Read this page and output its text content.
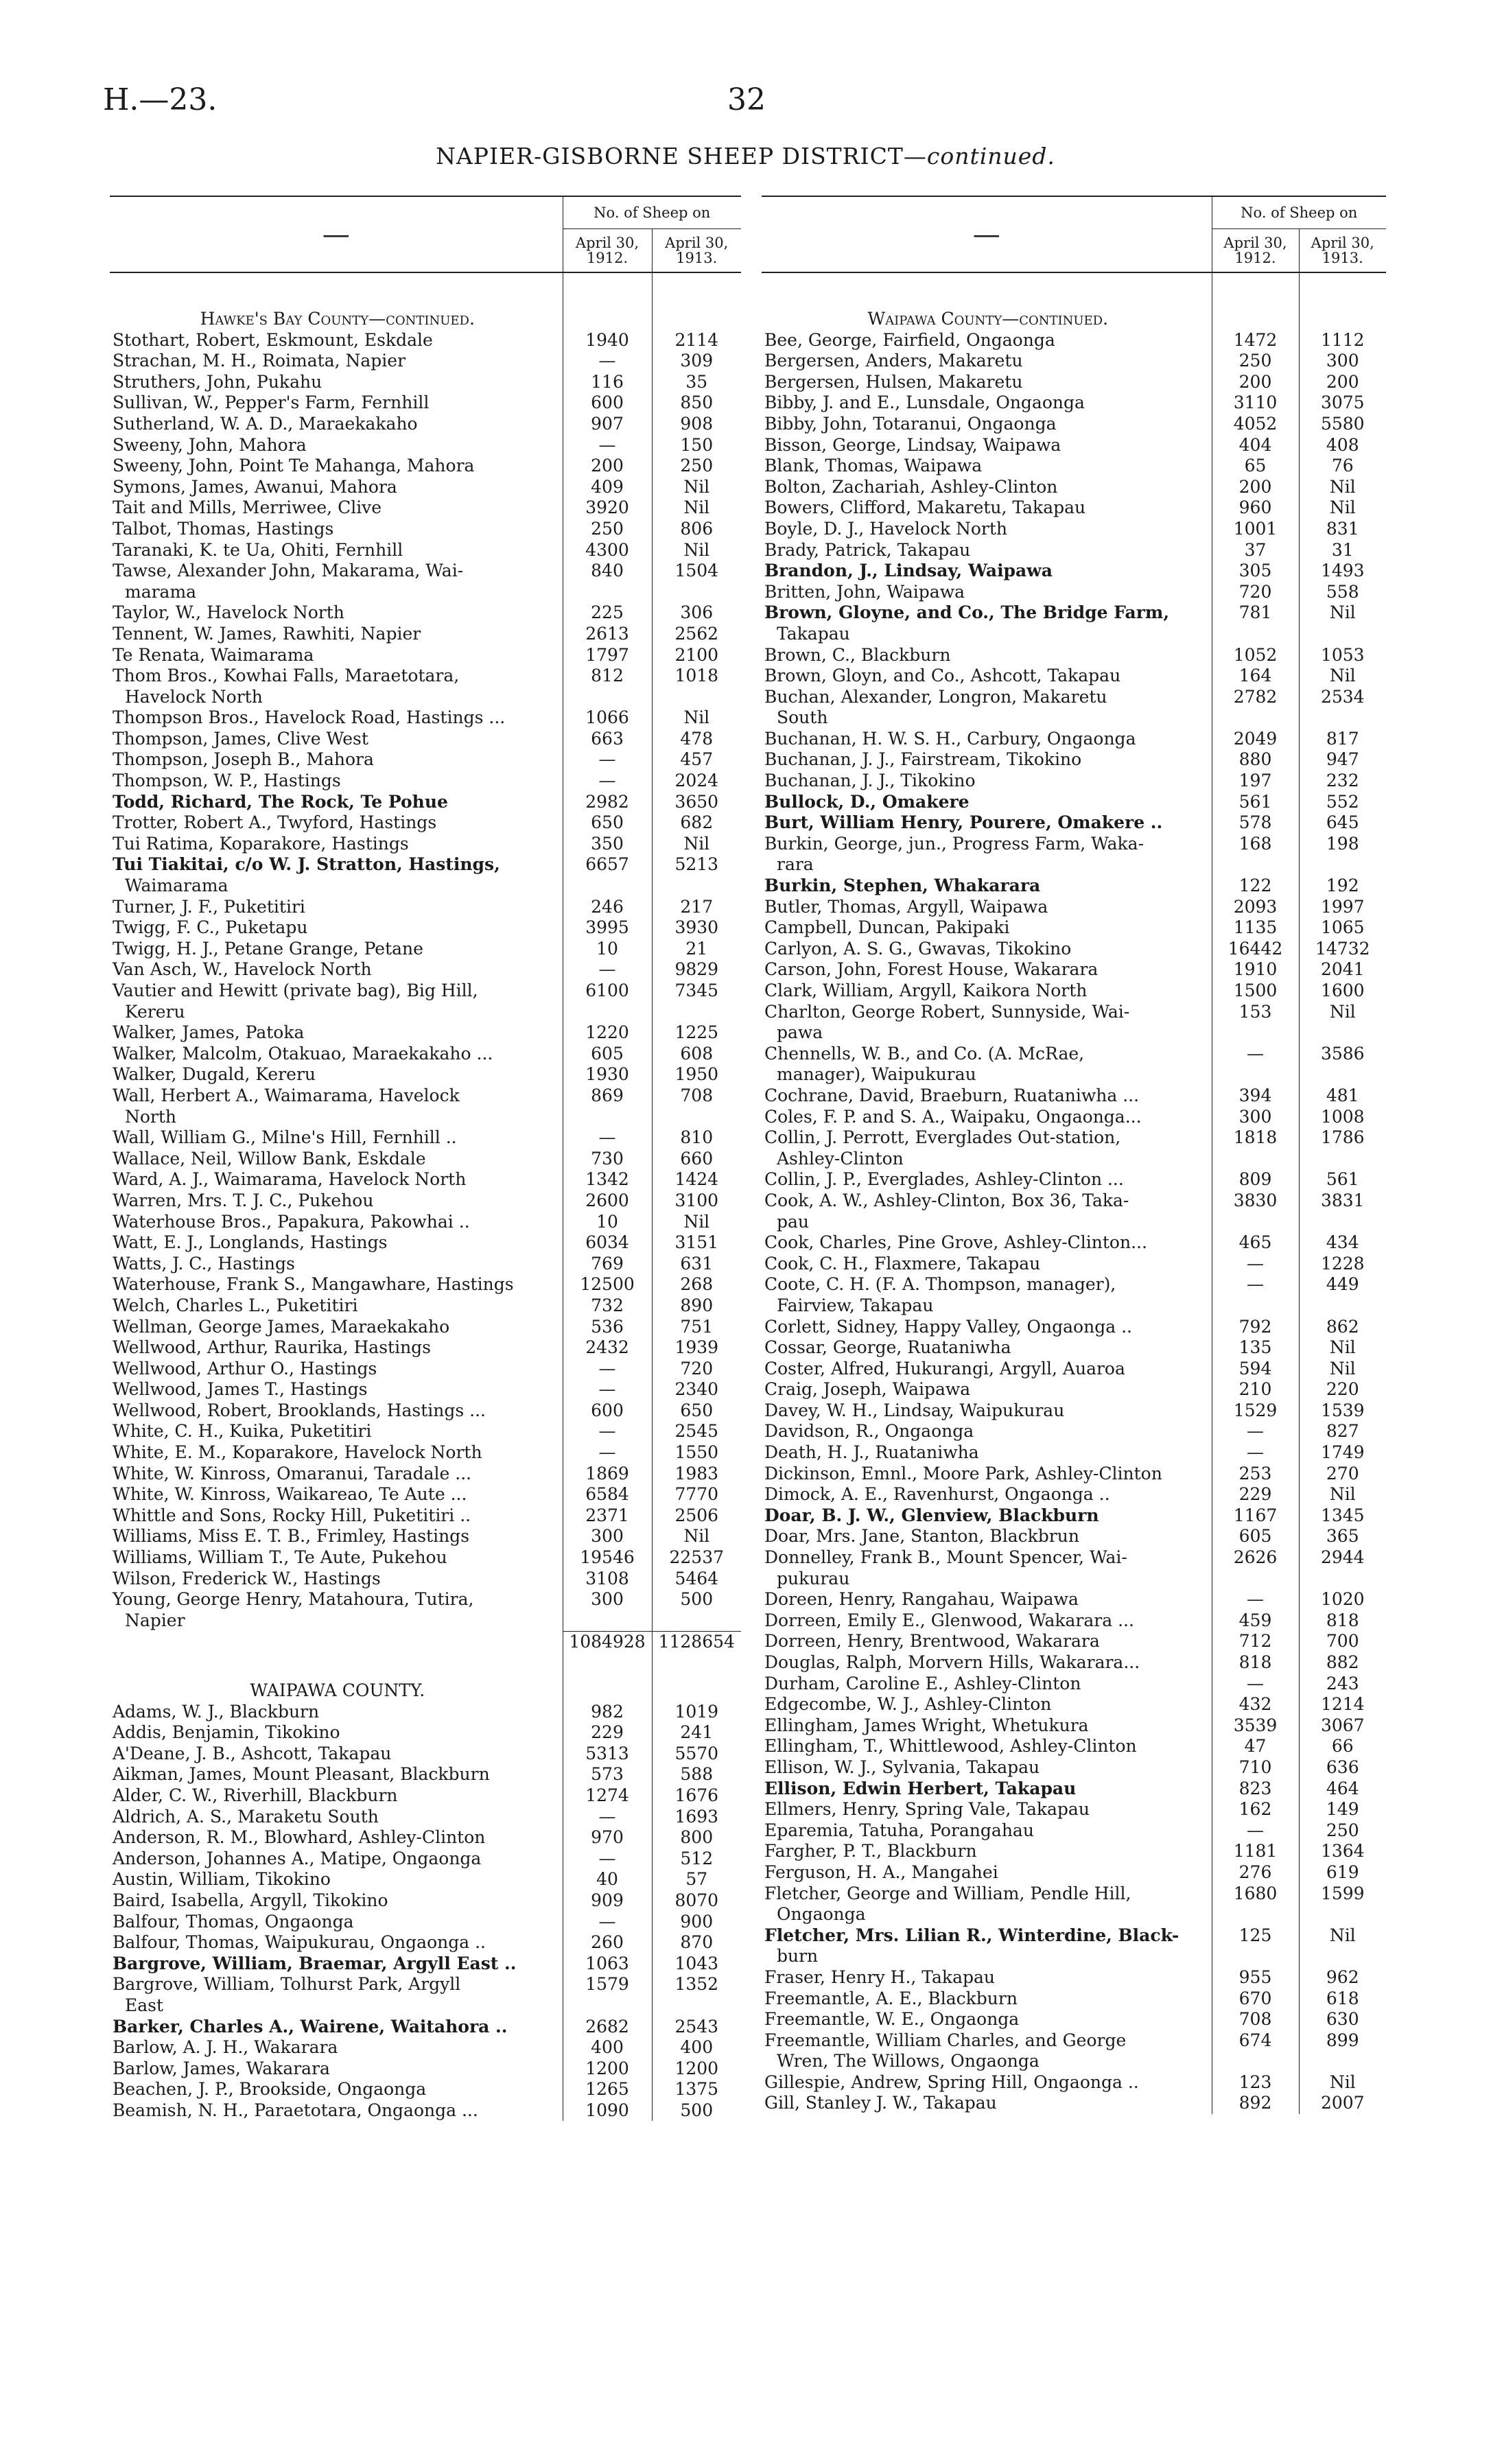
H.—23.	32
NAPIER-GISBORNE SHEEP DISTRICT—continued.
—	No. of Sheep on	
	April 30, 1912.	April 30, 1913.

Hawke's Bay County—continued.		
Stothart, Robert, Eskmount, Eskdale	1940	2114
Strachan, M. H., Roimata, Napier	—	309
Struthers, John, Pukahu	116	35
Sullivan, W., Pepper's Farm, Fernhill	600	850
Sutherland, W. A. D., Maraekakaho	907	908
Sweeny, John, Mahora	—	150
Sweeny, John, Point Te Mahanga, Mahora	200	250
Symons, James, Awanui, Mahora	409	Nil
Tait and Mills, Merriwee, Clive	3920	Nil
Talbot, Thomas, Hastings	250	806
Taranaki, K. te Ua, Ohiti, Fernhill	4300	Nil
Tawse, Alexander John, Makarama, Wai-	840	1504
marama		
Taylor, W., Havelock North	225	306
Tennent, W. James, Rawhiti, Napier	2613	2562
Te Renata, Waimarama	1797	2100
Thom Bros., Kowhai Falls, Maraetotara,	812	1018
Havelock North		
Thompson Bros., Havelock Road, Hastings ...	1066	Nil
Thompson, James, Clive West	663	478
Thompson, Joseph B., Mahora	—	457
Thompson, W. P., Hastings	—	2024
Todd, Richard, The Rock, Te Pohue	2982	3650
Trotter, Robert A., Twyford, Hastings	650	682
Tui Ratima, Koparakore, Hastings	350	Nil
Tui Tiakitai, c/o W. J. Stratton, Hastings,	6657	5213
Waimarama		
Turner, J. F., Puketitiri	246	217
Twigg, F. C., Puketapu	3995	3930
Twigg, H. J., Petane Grange, Petane	10	21
Van Asch, W., Havelock North	—	9829
Vautier and Hewitt (private bag), Big Hill,	6100	7345
Kereru		
Walker, James, Patoka	1220	1225
Walker, Malcolm, Otakuao, Maraekakaho ...	605	608
Walker, Dugald, Kereru	1930	1950
Wall, Herbert A., Waimarama, Havelock	869	708
North		
Wall, William G., Milne's Hill, Fernhill ..	—	810
Wallace, Neil, Willow Bank, Eskdale	730	660
Ward, A. J., Waimarama, Havelock North	1342	1424
Warren, Mrs. T. J. C., Pukehou	2600	3100
Waterhouse Bros., Papakura, Pakowhai ..	10	Nil
Watt, E. J., Longlands, Hastings	6034	3151
Watts, J. C., Hastings	769	631
Waterhouse, Frank S., Mangawhare, Hastings	12500	268
Welch, Charles L., Puketitiri	732	890
Wellman, George James, Maraekakaho	536	751
Wellwood, Arthur, Raurika, Hastings	2432	1939
Wellwood, Arthur O., Hastings	—	720
Wellwood, James T., Hastings	—	2340
Wellwood, Robert, Brooklands, Hastings ...	600	650
White, C. H., Kuika, Puketitiri	—	2545
White, E. M., Koparakore, Havelock North	—	1550
White, W. Kinross, Omaranui, Taradale ...	1869	1983
White, W. Kinross, Waikareao, Te Aute ...	6584	7770
Whittle and Sons, Rocky Hill, Puketitiri ..	2371	2506
Williams, Miss E. T. B., Frimley, Hastings	300	Nil
Williams, William T., Te Aute, Pukehou	19546	22537
Wilson, Frederick W., Hastings	3108	5464
Young, George Henry, Matahoura, Tutira,	300	500
Napier		
	1084928	1128654

WAIPAWA COUNTY.		
Adams, W. J., Blackburn	982	1019
Addis, Benjamin, Tikokino	229	241
A'Deane, J. B., Ashcott, Takapau	5313	5570
Aikman, James, Mount Pleasant, Blackburn	573	588
Alder, C. W., Riverhill, Blackburn	1274	1676
Aldrich, A. S., Maraketu South	—	1693
Anderson, R. M., Blowhard, Ashley-Clinton	970	800
Anderson, Johannes A., Matipe, Ongaonga	—	512
Austin, William, Tikokino	40	57
Baird, Isabella, Argyll, Tikokino	909	8070
Balfour, Thomas, Ongaonga	—	900
Balfour, Thomas, Waipukurau, Ongaonga ..	260	870
Bargrove, William, Braemar, Argyll East ..	1063	1043
Bargrove, William, Tolhurst Park, Argyll	1579	1352
East		
Barker, Charles A., Wairene, Waitahora ..	2682	2543
Barlow, A. J. H., Wakarara	400	400
Barlow, James, Wakarara	1200	1200
Beachen, J. P., Brookside, Ongaonga	1265	1375
Beamish, N. H., Paraetotara, Ongaonga ...	1090	500
—	No. of Sheep on	
	April 30, 1912.	April 30, 1913.

Waipawa County—continued.		
Bee, George, Fairfield, Ongaonga	1472	1112
Bergersen, Anders, Makaretu	250	300
Bergersen, Hulsen, Makaretu	200	200
Bibby, J. and E., Lunsdale, Ongaonga	3110	3075
Bibby, John, Totaranui, Ongaonga	4052	5580
Bisson, George, Lindsay, Waipawa	404	408
Blank, Thomas, Waipawa	65	76
Bolton, Zachariah, Ashley-Clinton	200	Nil
Bowers, Clifford, Makaretu, Takapau	960	Nil
Boyle, D. J., Havelock North	1001	831
Brady, Patrick, Takapau	37	31
Brandon, J., Lindsay, Waipawa	305	1493
Britten, John, Waipawa	720	558
Brown, Gloyne, and Co., The Bridge Farm,	781	Nil
Takapau		
Brown, C., Blackburn	1052	1053
Brown, Gloyn, and Co., Ashcott, Takapau	164	Nil
Buchan, Alexander, Longron, Makaretu	2782	2534
South		
Buchanan, H. W. S. H., Carbury, Ongaonga	2049	817
Buchanan, J. J., Fairstream, Tikokino	880	947
Buchanan, J. J., Tikokino	197	232
Bullock, D., Omakere	561	552
Burt, William Henry, Pourere, Omakere ..	578	645
Burkin, George, jun., Progress Farm, Waka-	168	198
rara		
Burkin, Stephen, Whakarara	122	192
Butler, Thomas, Argyll, Waipawa	2093	1997
Campbell, Duncan, Pakipaki	1135	1065
Carlyon, A. S. G., Gwavas, Tikokino	16442	14732
Carson, John, Forest House, Wakarara	1910	2041
Clark, William, Argyll, Kaikora North	1500	1600
Charlton, George Robert, Sunnyside, Wai-	153	Nil
pawa		
Chennells, W. B., and Co. (A. McRae,	—	3586
manager), Waipukurau		
Cochrane, David, Braeburn, Ruataniwha ...	394	481
Coles, F. P. and S. A., Waipaku, Ongaonga...	300	1008
Collin, J. Perrott, Everglades Out-station,	1818	1786
Ashley-Clinton		
Collin, J. P., Everglades, Ashley-Clinton ...	809	561
Cook, A. W., Ashley-Clinton, Box 36, Taka-	3830	3831
pau		
Cook, Charles, Pine Grove, Ashley-Clinton...	465	434
Cook, C. H., Flaxmere, Takapau	—	1228
Coote, C. H. (F. A. Thompson, manager),	—	449
Fairview, Takapau		
Corlett, Sidney, Happy Valley, Ongaonga ..	792	862
Cossar, George, Ruataniwha	135	Nil
Coster, Alfred, Hukurangi, Argyll, Auaroa	594	Nil
Craig, Joseph, Waipawa	210	220
Davey, W. H., Lindsay, Waipukurau	1529	1539
Davidson, R., Ongaonga	—	827
Death, H. J., Ruataniwha	—	1749
Dickinson, Emnl., Moore Park, Ashley-Clinton	253	270
Dimock, A. E., Ravenhurst, Ongaonga ..	229	Nil
Doar, B. J. W., Glenview, Blackburn	1167	1345
Doar, Mrs. Jane, Stanton, Blackbrun	605	365
Donnelley, Frank B., Mount Spencer, Wai-	2626	2944
pukurau		
Doreen, Henry, Rangahau, Waipawa	—	1020
Dorreen, Emily E., Glenwood, Wakarara ...	459	818
Dorreen, Henry, Brentwood, Wakarara	712	700
Douglas, Ralph, Morvern Hills, Wakarara...	818	882
Durham, Caroline E., Ashley-Clinton	—	243
Edgecombe, W. J., Ashley-Clinton	432	1214
Ellingham, James Wright, Whetukura	3539	3067
Ellingham, T., Whittlewood, Ashley-Clinton	47	66
Ellison, W. J., Sylvania, Takapau	710	636
Ellison, Edwin Herbert, Takapau	823	464
Ellmers, Henry, Spring Vale, Takapau	162	149
Eparemia, Tatuha, Porangahau	—	250
Fargher, P. T., Blackburn	1181	1364
Ferguson, H. A., Mangahei	276	619
Fletcher, George and William, Pendle Hill,	1680	1599
Ongaonga		
Fletcher, Mrs. Lilian R., Winterdine, Black-	125	Nil
burn		
Fraser, Henry H., Takapau	955	962
Freemantle, A. E., Blackburn	670	618
Freemantle, W. E., Ongaonga	708	630
Freemantle, William Charles, and George	674	899
Wren, The Willows, Ongaonga		
Gillespie, Andrew, Spring Hill, Ongaonga ..	123	Nil
Gill, Stanley J. W., Takapau	892	2007
